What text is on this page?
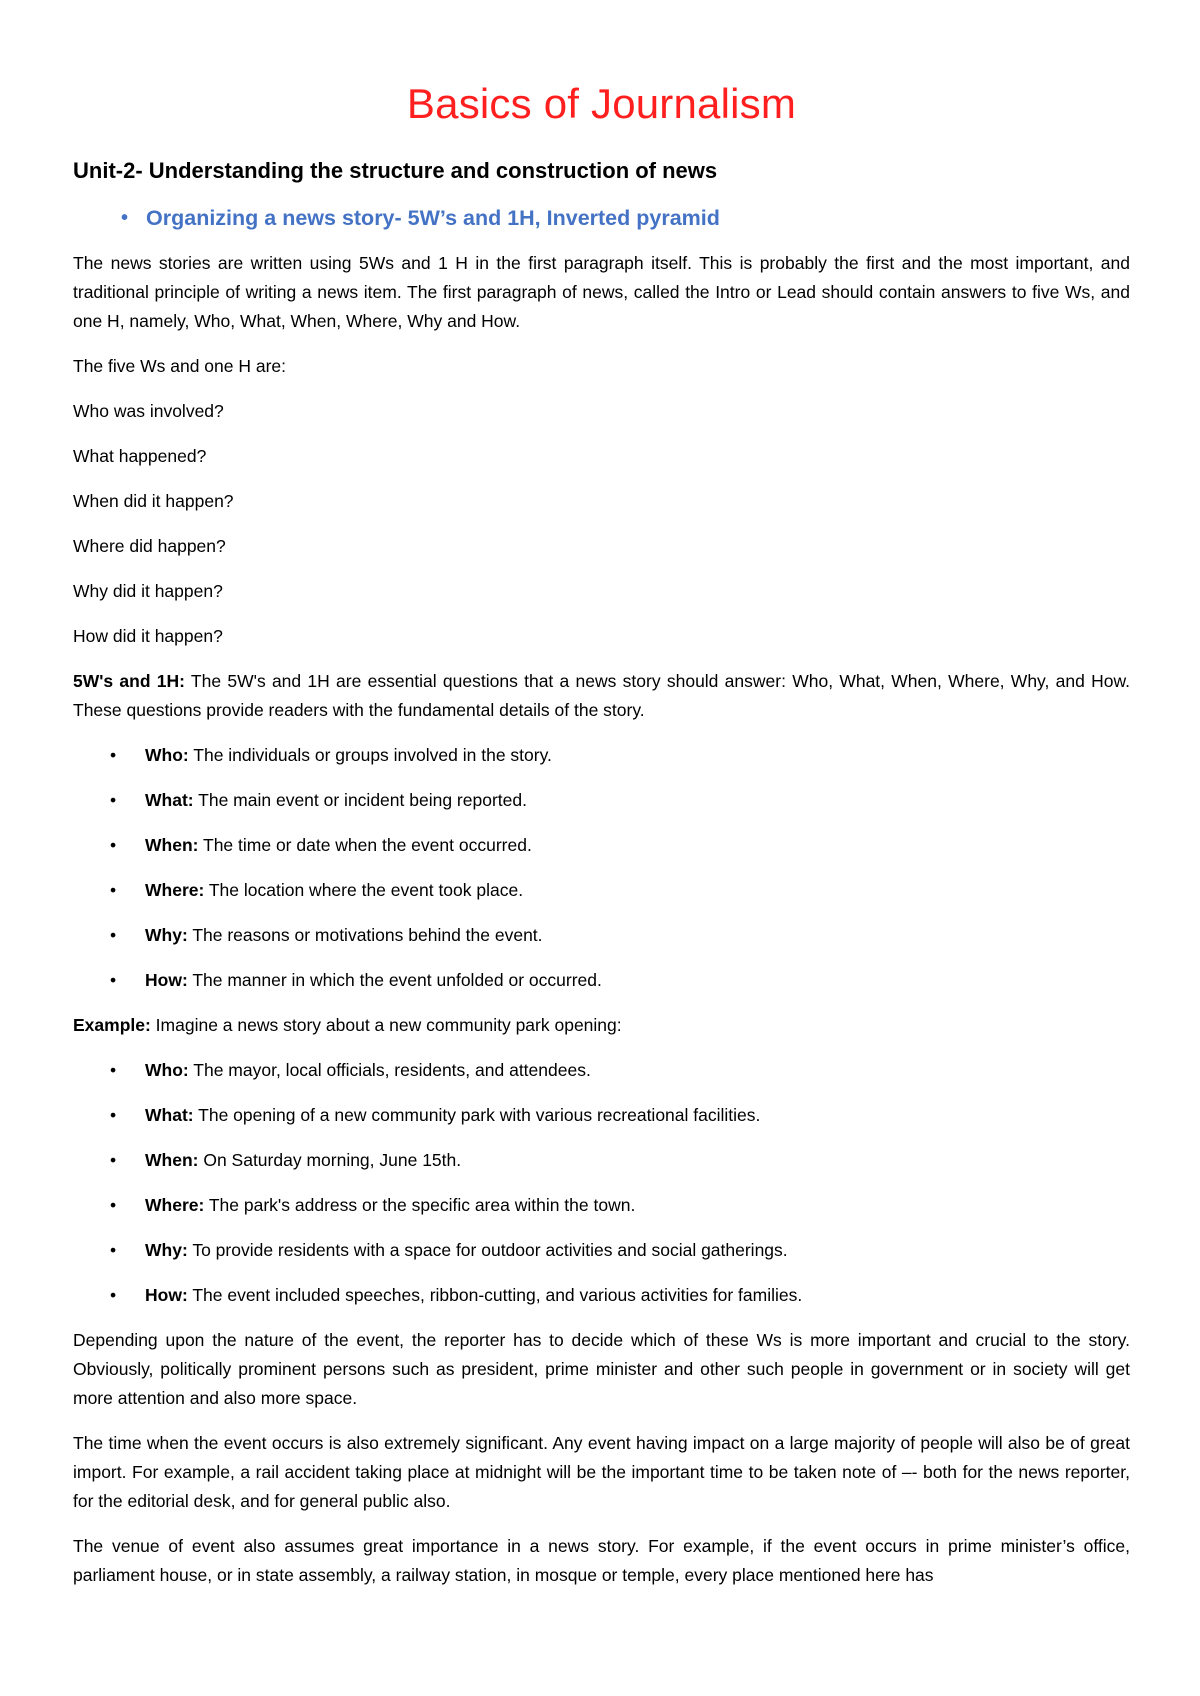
Basics of Journalism
Unit-2- Understanding the structure and construction of news
• Organizing a news story- 5W’s and 1H, Inverted pyramid

The news stories are written using 5Ws and 1 H in the first paragraph itself. This is probably the first and the most important, and traditional principle of writing a news item. The first paragraph of news, called the Intro or Lead should contain answers to five Ws, and one H, namely, Who, What, When, Where, Why and How.

The five Ws and one H are:

Who was involved?
What happened?
When did it happen?
Where did happen?
Why did it happen?
How did it happen?

5W's and 1H: The 5W's and 1H are essential questions that a news story should answer: Who, What, When, Where, Why, and How. These questions provide readers with the fundamental details of the story.

•	Who: The individuals or groups involved in the story.
•	What: The main event or incident being reported.
•	When: The time or date when the event occurred.
•	Where: The location where the event took place.
•	Why: The reasons or motivations behind the event.
•	How: The manner in which the event unfolded or occurred.

Example: Imagine a news story about a new community park opening:

•	Who: The mayor, local officials, residents, and attendees.
•	What: The opening of a new community park with various recreational facilities.
•	When: On Saturday morning, June 15th.
•	Where: The park's address or the specific area within the town.
•	Why: To provide residents with a space for outdoor activities and social gatherings.
•	How: The event included speeches, ribbon-cutting, and various activities for families.

Depending upon the nature of the event, the reporter has to decide which of these Ws is more important and crucial to the story. Obviously, politically prominent persons such as president, prime minister and other such people in government or in society will get more attention and also more space.

The time when the event occurs is also extremely significant. Any event having impact on a large majority of people will also be of great import. For example, a rail accident taking place at midnight will be the important time to be taken note of –- both for the news reporter, for the editorial desk, and for general public also.

The venue of event also assumes great importance in a news story. For example, if the event occurs in prime minister’s office, parliament house, or in state assembly, a railway station, in mosque or temple, every place mentioned here has
